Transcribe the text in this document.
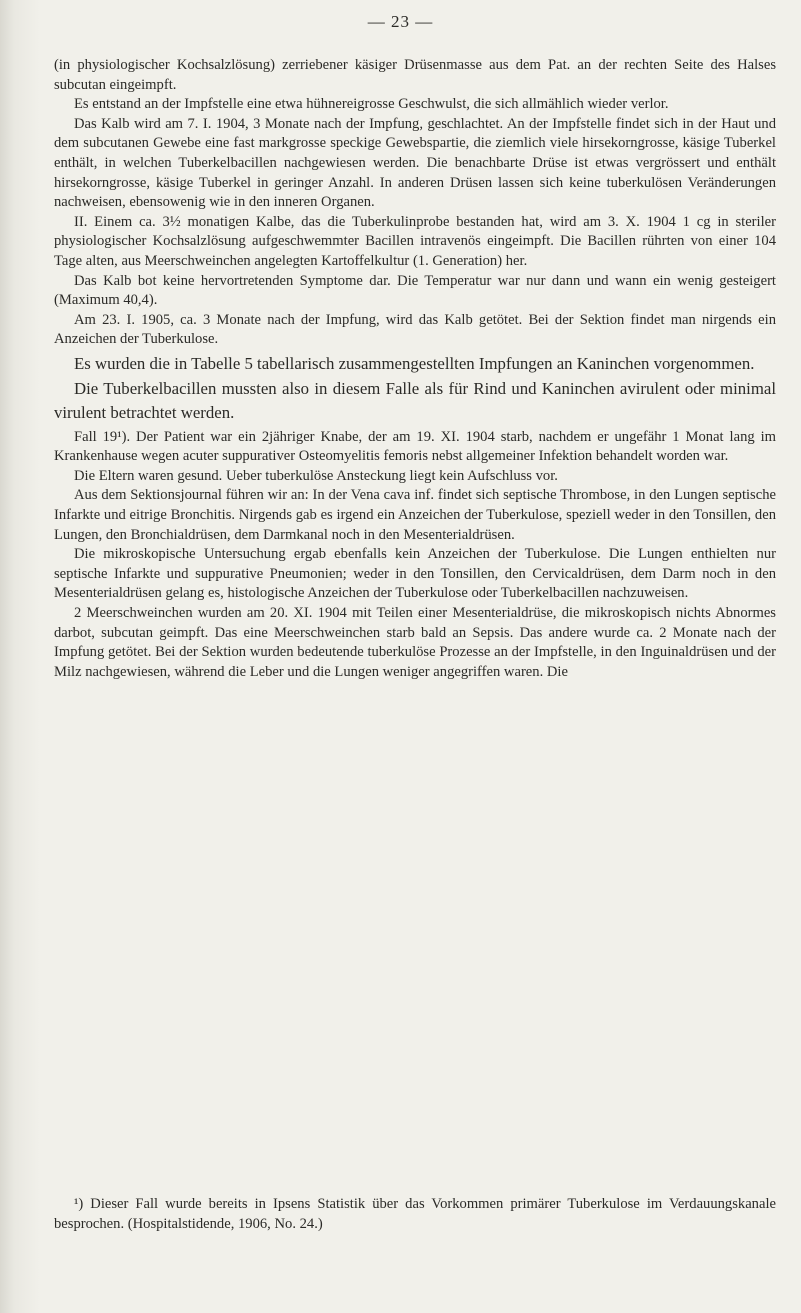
— 23 —

(in physiologischer Kochsalzlösung) zerriebener käsiger Drüsenmasse aus dem Pat. an der rechten Seite des Halses subcutan eingeimpft.

Es entstand an der Impfstelle eine etwa hühnereigrosse Geschwulst, die sich allmählich wieder verlor.

Das Kalb wird am 7. I. 1904, 3 Monate nach der Impfung, geschlachtet. An der Impfstelle findet sich in der Haut und dem subcutanen Gewebe eine fast markgrosse speckige Gewebspartie, die ziemlich viele hirsekorngrosse, käsige Tuberkel enthält, in welchen Tuberkelbacillen nachgewiesen werden. Die benachbarte Drüse ist etwas vergrössert und enthält hirsekorngrosse, käsige Tuberkel in geringer Anzahl. In anderen Drüsen lassen sich keine tuberkulösen Veränderungen nachweisen, ebensowenig wie in den inneren Organen.

II. Einem ca. 3½ monatigen Kalbe, das die Tuberkulinprobe bestanden hat, wird am 3. X. 1904 1 cg in steriler physiologischer Kochsalzlösung aufgeschwemmter Bacillen intravenös eingeimpft. Die Bacillen rührten von einer 104 Tage alten, aus Meerschweinchen angelegten Kartoffelkultur (1. Generation) her.

Das Kalb bot keine hervortretenden Symptome dar. Die Temperatur war nur dann und wann ein wenig gesteigert (Maximum 40,4).

Am 23. I. 1905, ca. 3 Monate nach der Impfung, wird das Kalb getötet. Bei der Sektion findet man nirgends ein Anzeichen der Tuberkulose.

Es wurden die in Tabelle 5 tabellarisch zusammengestellten Impfungen an Kaninchen vorgenommen.

Die Tuberkelbacillen mussten also in diesem Falle als für Rind und Kaninchen avirulent oder minimal virulent betrachtet werden.

Fall 19¹). Der Patient war ein 2jähriger Knabe, der am 19. XI. 1904 starb, nachdem er ungefähr 1 Monat lang im Krankenhause wegen acuter suppurativer Osteomyelitis femoris nebst allgemeiner Infektion behandelt worden war.

Die Eltern waren gesund. Ueber tuberkulöse Ansteckung liegt kein Aufschluss vor.

Aus dem Sektionsjournal führen wir an: In der Vena cava inf. findet sich septische Thrombose, in den Lungen septische Infarkte und eitrige Bronchitis. Nirgends gab es irgend ein Anzeichen der Tuberkulose, speziell weder in den Tonsillen, den Lungen, den Bronchialdrüsen, dem Darmkanal noch in den Mesenterialdrüsen.

Die mikroskopische Untersuchung ergab ebenfalls kein Anzeichen der Tuberkulose. Die Lungen enthielten nur septische Infarkte und suppurative Pneumonien; weder in den Tonsillen, den Cervicaldrüsen, dem Darm noch in den Mesenterialdrüsen gelang es, histologische Anzeichen der Tuberkulose oder Tuberkelbacillen nachzuweisen.

2 Meerschweinchen wurden am 20. XI. 1904 mit Teilen einer Mesenterialdrüse, die mikroskopisch nichts Abnormes darbot, subcutan geimpft. Das eine Meerschweinchen starb bald an Sepsis. Das andere wurde ca. 2 Monate nach der Impfung getötet. Bei der Sektion wurden bedeutende tuberkulöse Prozesse an der Impfstelle, in den Inguinaldrüsen und der Milz nachgewiesen, während die Leber und die Lungen weniger angegriffen waren. Die

¹) Dieser Fall wurde bereits in Ipsens Statistik über das Vorkommen primärer Tuberkulose im Verdauungskanale besprochen. (Hospitalstidende, 1906, No. 24.)
